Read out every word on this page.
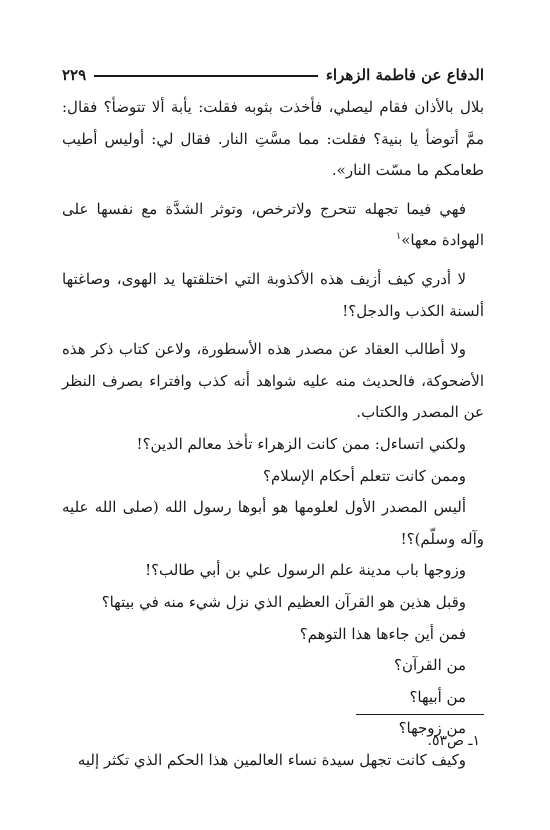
الدفاع عن فاطمة الزهراء
٢٢٩

بلال بالأذان فقام ليصلي، فأخذت بثوبه فقلت: يأبة ألا تتوضأ؟ فقال: ممَّ أتوضأ يا بنية؟ فقلت: مما مسَّتِ النار. فقال لي: أوليس أطيب طعامكم ما مسّت النار».

فهي فيما تجهله تتحرج ولاترخص، وتوثر الشدَّة مع نفسها على الهوادة معها»$^١$

لا أدري كيف أزيف هذه الأكذوبة التي اختلقتها يد الهوى، وصاغتها ألسنة الكذب والدجل؟!

ولا أطالب العقاد عن مصدر هذه الأسطورة، ولاعن كتاب ذكر هذه الأضحوكة، فالحديث منه عليه شواهد أنه كذب وافتراء بصرف النظر عن المصدر والكتاب.

ولكني اتساءل: ممن كانت الزهراء تأخذ معالم الدين؟!

وممن كانت تتعلم أحكام الإسلام؟

أليس المصدر الأول لعلومها هو أبوها رسول الله (صلى الله عليه وآله وسلّم)؟!

وزوجها باب مدينة علم الرسول علي بن أبي طالب؟!

وقبل هذين هو القرآن العظيم الذي نزل شيء منه في بيتها؟

فمن أين جاءها هذا التوهم؟

من القرآن؟

من أبيها؟

من زوجها؟

وكيف كانت تجهل سيدة نساء العالمين هذا الحكم الذي تكثر إليه

١ـ ص٥٣.
